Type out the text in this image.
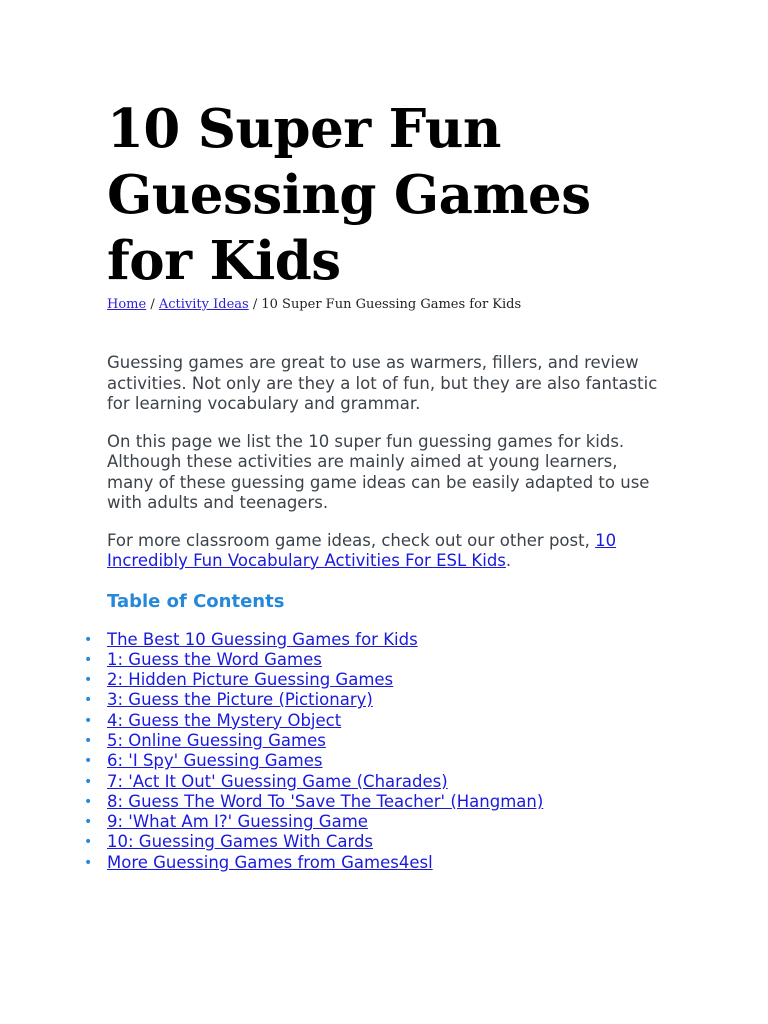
10 Super Fun Guessing Games for Kids
Home / Activity Ideas / 10 Super Fun Guessing Games for Kids

Guessing games are great to use as warmers, fillers, and review activities. Not only are they a lot of fun, but they are also fantastic for learning vocabulary and grammar.

On this page we list the 10 super fun guessing games for kids. Although these activities are mainly aimed at young learners, many of these guessing game ideas can be easily adapted to use with adults and teenagers.

For more classroom game ideas, check out our other post, 10 Incredibly Fun Vocabulary Activities For ESL Kids.

Table of Contents
• The Best 10 Guessing Games for Kids
• 1: Guess the Word Games
• 2: Hidden Picture Guessing Games
• 3: Guess the Picture (Pictionary)
• 4: Guess the Mystery Object
• 5: Online Guessing Games
• 6: 'I Spy' Guessing Games
• 7: 'Act It Out' Guessing Game (Charades)
• 8: Guess The Word To 'Save The Teacher' (Hangman)
• 9: 'What Am I?' Guessing Game
• 10: Guessing Games With Cards
• More Guessing Games from Games4esl
